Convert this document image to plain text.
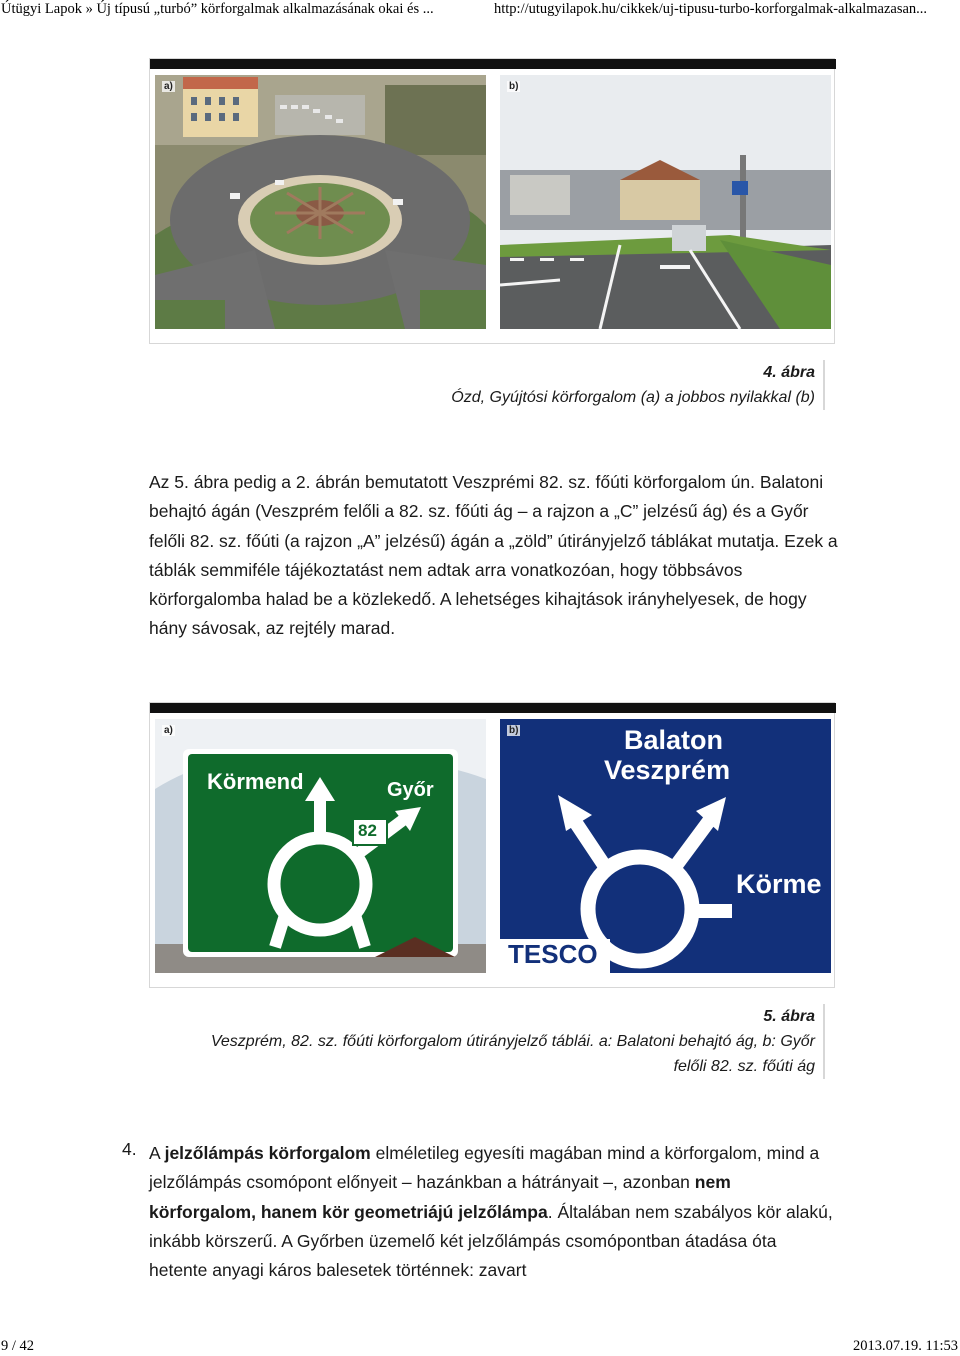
Útügyi Lapok » Új típusú „turbó” körforgalmak alkalmazásának okai és ...	http://utugyilapok.hu/cikkek/uj-tipusu-turbo-korforgalmak-alkalmazasan...
a)	b)
4. ábra
Ózd, Gyújtósi körforgalom (a) a jobbos nyilakkal (b)

Az 5. ábra pedig a 2. ábrán bemutatott Veszprémi 82. sz. főúti körforgalom ún. Balatoni behajtó ágán (Veszprém felőli a 82. sz. főúti ág – a rajzon a „C” jelzésű ág) és a Győr felőli 82. sz. főúti (a rajzon „A” jelzésű) ágán a „zöld” útirányjelző táblákat mutatja. Ezek a táblák semmiféle tájékoztatást nem adtak arra vonatkozóan, hogy többsávos körforgalomba halad be a közlekedő. A lehetséges kihajtások irányhelyesek, de hogy hány sávosak, az rejtély marad.

a)
Körmend	Győr
82
b)	Balaton
Veszprém
Körme
TESCO
5. ábra
Veszprém, 82. sz. főúti körforgalom útirányjelző táblái. a: Balatoni behajtó ág, b: Győr
felőli 82. sz. főúti ág
4. A jelzőlámpás körforgalom elméletileg egyesíti magában mind a körforgalom, mind a jelzőlámpás csomópont előnyeit – hazánkban a hátrányait –, azonban nem körforgalom, hanem kör geometriájú jelzőlámpa. Általában nem szabályos kör alakú, inkább körszerű. A Győrben üzemelő két jelzőlámpás csomópontban átadása óta hetente anyagi káros balesetek történnek: zavart

9 / 42	2013.07.19. 11:53
